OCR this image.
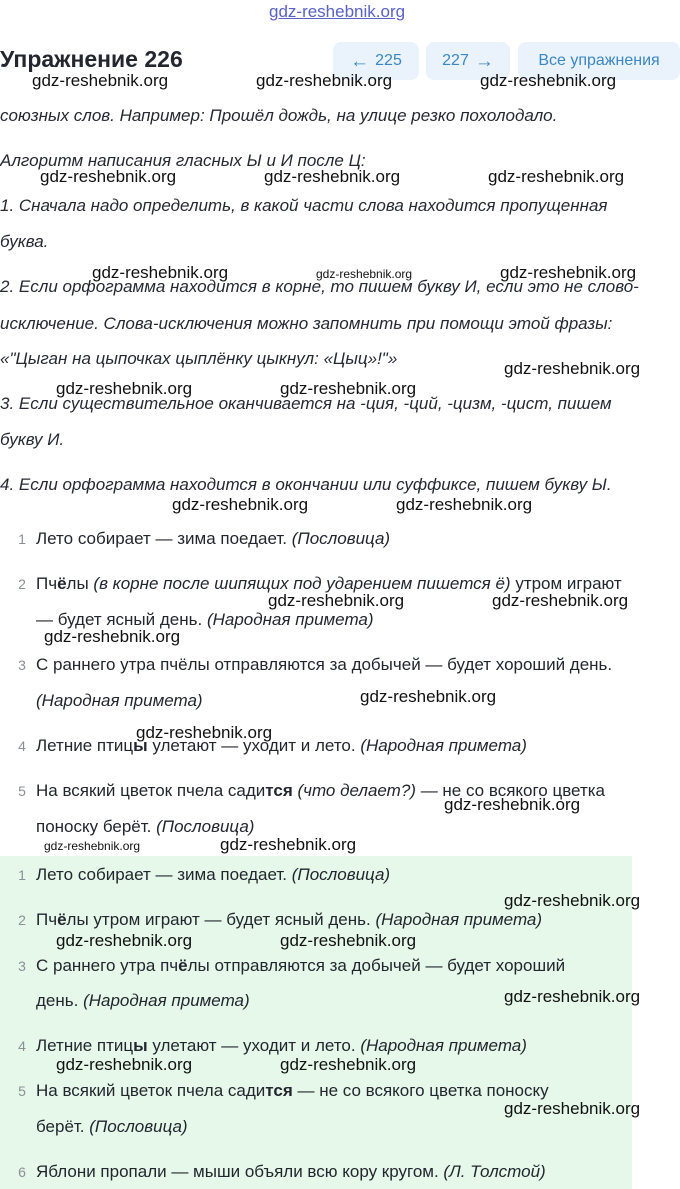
gdz-reshebnik.org
Упражнение 226	← 225	227 →	Все упражнения

союзных слов. Например: Прошёл дождь, на улице резко похолодало.

Алгоритм написания гласных Ы и И после Ц:

1. Сначала надо определить, в какой части слова находится пропущенная

буква.

2. Если орфограмма находится в корне, то пишем букву И, если это не слово-

исключение. Слова-исключения можно запомнить при помощи этой фразы:

«"Цыган на цыпочках цыплёнку цыкнул: «Цыц»!"»

3. Если существительное оканчивается на -ция, -ций, -цизм, -цист, пишем

букву И.

4. Если орфограмма находится в окончании или суффиксе, пишем букву Ы.

1 Лето собирает — зима поедает. (Пословица)

2 Пчёлы (в корне после шипящих под ударением пишется ё) утром играют

— будет ясный день. (Народная примета)

3 С раннего утра пчёлы отправляются за добычей — будет хороший день.

(Народная примета)

4 Летние птицы улетают — уходит и лето. (Народная примета)

5 На всякий цветок пчела садится (что делает?) — не со всякого цветка

поноску берёт. (Пословица)

1 Лето собирает — зима поедает. (Пословица)

2 Пчёлы утром играют — будет ясный день. (Народная примета)

3 С раннего утра пчёлы отправляются за добычей — будет хороший

день. (Народная примета)

4 Летние птицы улетают — уходит и лето. (Народная примета)

5 На всякий цветок пчела садится — не со всякого цветка поноску

берёт. (Пословица)

6 Яблони пропали — мыши объяли всю кору кругом. (Л. Толстой)

gdz-reshebnik.org	gdz-reshebnik.org	gdz-reshebnik.org
gdz-reshebnik.org	gdz-reshebnik.org	gdz-reshebnik.org
gdz-reshebnik.org	gdz-reshebnik.org	gdz-reshebnik.org
gdz-reshebnik.org
gdz-reshebnik.org	gdz-reshebnik.org
gdz-reshebnik.org	gdz-reshebnik.org
gdz-reshebnik.org	gdz-reshebnik.org
gdz-reshebnik.org
gdz-reshebnik.org
gdz-reshebnik.org
gdz-reshebnik.org
gdz-reshebnik.org	gdz-reshebnik.org
gdz-reshebnik.org
gdz-reshebnik.org	gdz-reshebnik.org
gdz-reshebnik.org
gdz-reshebnik.org	gdz-reshebnik.org
gdz-reshebnik.org
